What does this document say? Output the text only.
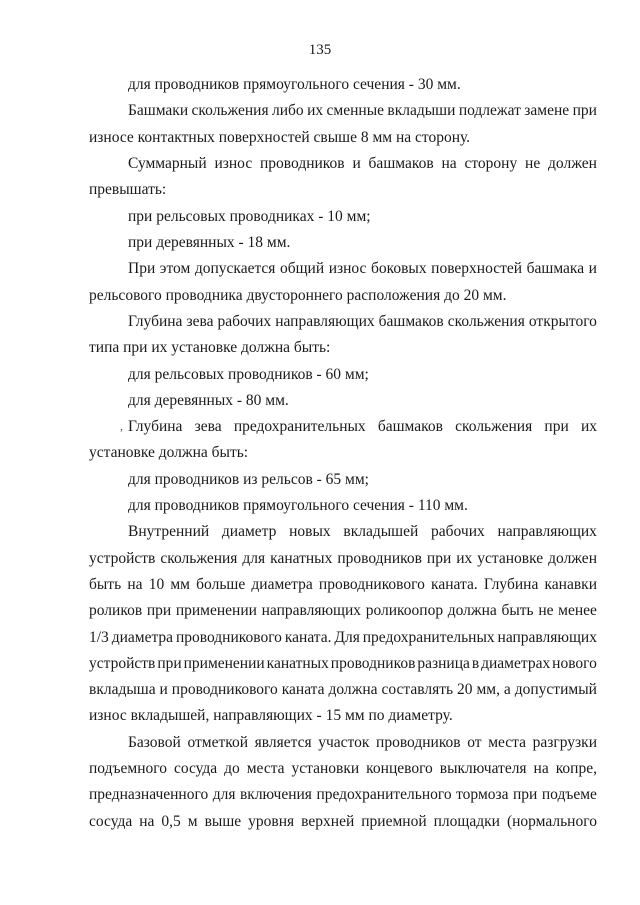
135
,
для проводников прямоугольного сечения - 30 мм.
Башмаки скольжения либо их сменные вкладыши подлежат замене при
износе контактных поверхностей свыше 8 мм на сторону.
Суммарный износ проводников и башмаков на сторону не должен
превышать:
при рельсовых проводниках - 10 мм;
при деревянных - 18 мм.
При этом допускается общий износ боковых поверхностей башмака и
рельсового проводника двустороннего расположения до 20 мм.
Глубина зева рабочих направляющих башмаков скольжения открытого
типа при их установке должна быть:
для рельсовых проводников - 60 мм;
для деревянных - 80 мм.
Глубина зева предохранительных башмаков скольжения при их
установке должна быть:
для проводников из рельсов - 65 мм;
для проводников прямоугольного сечения - 110 мм.
Внутренний диаметр новых вкладышей рабочих направляющих
устройств скольжения для канатных проводников при их установке должен
быть на 10 мм больше диаметра проводникового каната. Глубина канавки
роликов при применении направляющих роликоопор должна быть не менее
1/3 диаметра проводникового каната. Для предохранительных направляющих
устройств при применении канатных проводников разница в диаметрах нового
вкладыша и проводникового каната должна составлять 20 мм, а допустимый
износ вкладышей, направляющих - 15 мм по диаметру.
Базовой отметкой является участок проводников от места разгрузки
подъемного сосуда до места установки концевого выключателя на копре,
предназначенного для включения предохранительного тормоза при подъеме
сосуда на 0,5 м выше уровня верхней приемной площадки (нормального
